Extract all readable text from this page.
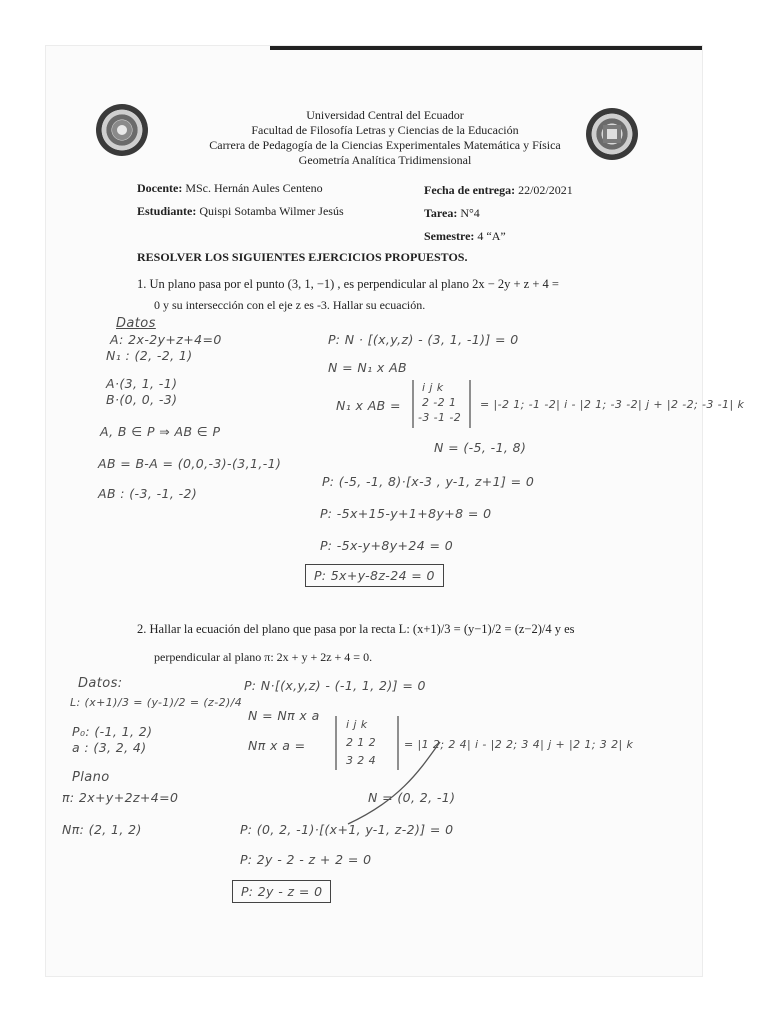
Universidad Central del Ecuador
Facultad de Filosofía Letras y Ciencias de la Educación
Carrera de Pedagogía de la Ciencias Experimentales Matemática y Física
Geometría Analítica Tridimensional
Docente: MSc. Hernán Aules Centeno	Fecha de entrega: 22/02/2021
Estudiante: Quispi Sotamba Wilmer Jesús	Tarea: N°4
Semestre: 4 “A”
RESOLVER LOS SIGUIENTES EJERCICIOS PROPUESTOS.
1. Un plano pasa por el punto (3, 1, −1) , es perpendicular al plano 2x − 2y + z + 4 =
0 y su intersección con el eje z es -3. Hallar su ecuación.
Datos
A: 2x-2y+z+4=0
N₁ : (2, -2, 1)
A·(3, 1, -1)
B·(0, 0, -3)
A, B ∈ P ⇒ AB ∈ P
AB = B-A = (0,0,-3)-(3,1,-1)
AB : (-3, -1, -2)
P: N · [(x,y,z) - (3, 1, -1)] = 0
N = N₁ x AB
N₁ x AB =
i j k
2 -2 1
-3 -1 -2
= |-2 1; -1 -2| i - |2 1; -3 -2| j + |2 -2; -3 -1| k
N = (-5, -1, 8)
P: (-5, -1, 8)·[x-3 , y-1, z+1] = 0
P: -5x+15-y+1+8y+8 = 0
P: -5x-y+8y+24 = 0
P: 5x+y-8z-24 = 0
2. Hallar la ecuación del plano que pasa por la recta L: (x+1)/3 = (y−1)/2 = (z−2)/4 y es
perpendicular al plano π: 2x + y + 2z + 4 = 0.
Datos:
L: (x+1)/3 = (y-1)/2 = (z-2)/4
P₀: (-1, 1, 2)
a : (3, 2, 4)
Plano
π: 2x+y+2z+4=0
Nπ: (2, 1, 2)
P: N·[(x,y,z) - (-1, 1, 2)] = 0
N = Nπ x a
Nπ x a =
i j k
2 1 2
3 2 4
= |1 2; 2 4| i - |2 2; 3 4| j + |2 1; 3 2| k
N = (0, 2, -1)
P: (0, 2, -1)·[(x+1, y-1, z-2)] = 0
P: 2y - 2 - z + 2 = 0
P: 2y - z = 0
